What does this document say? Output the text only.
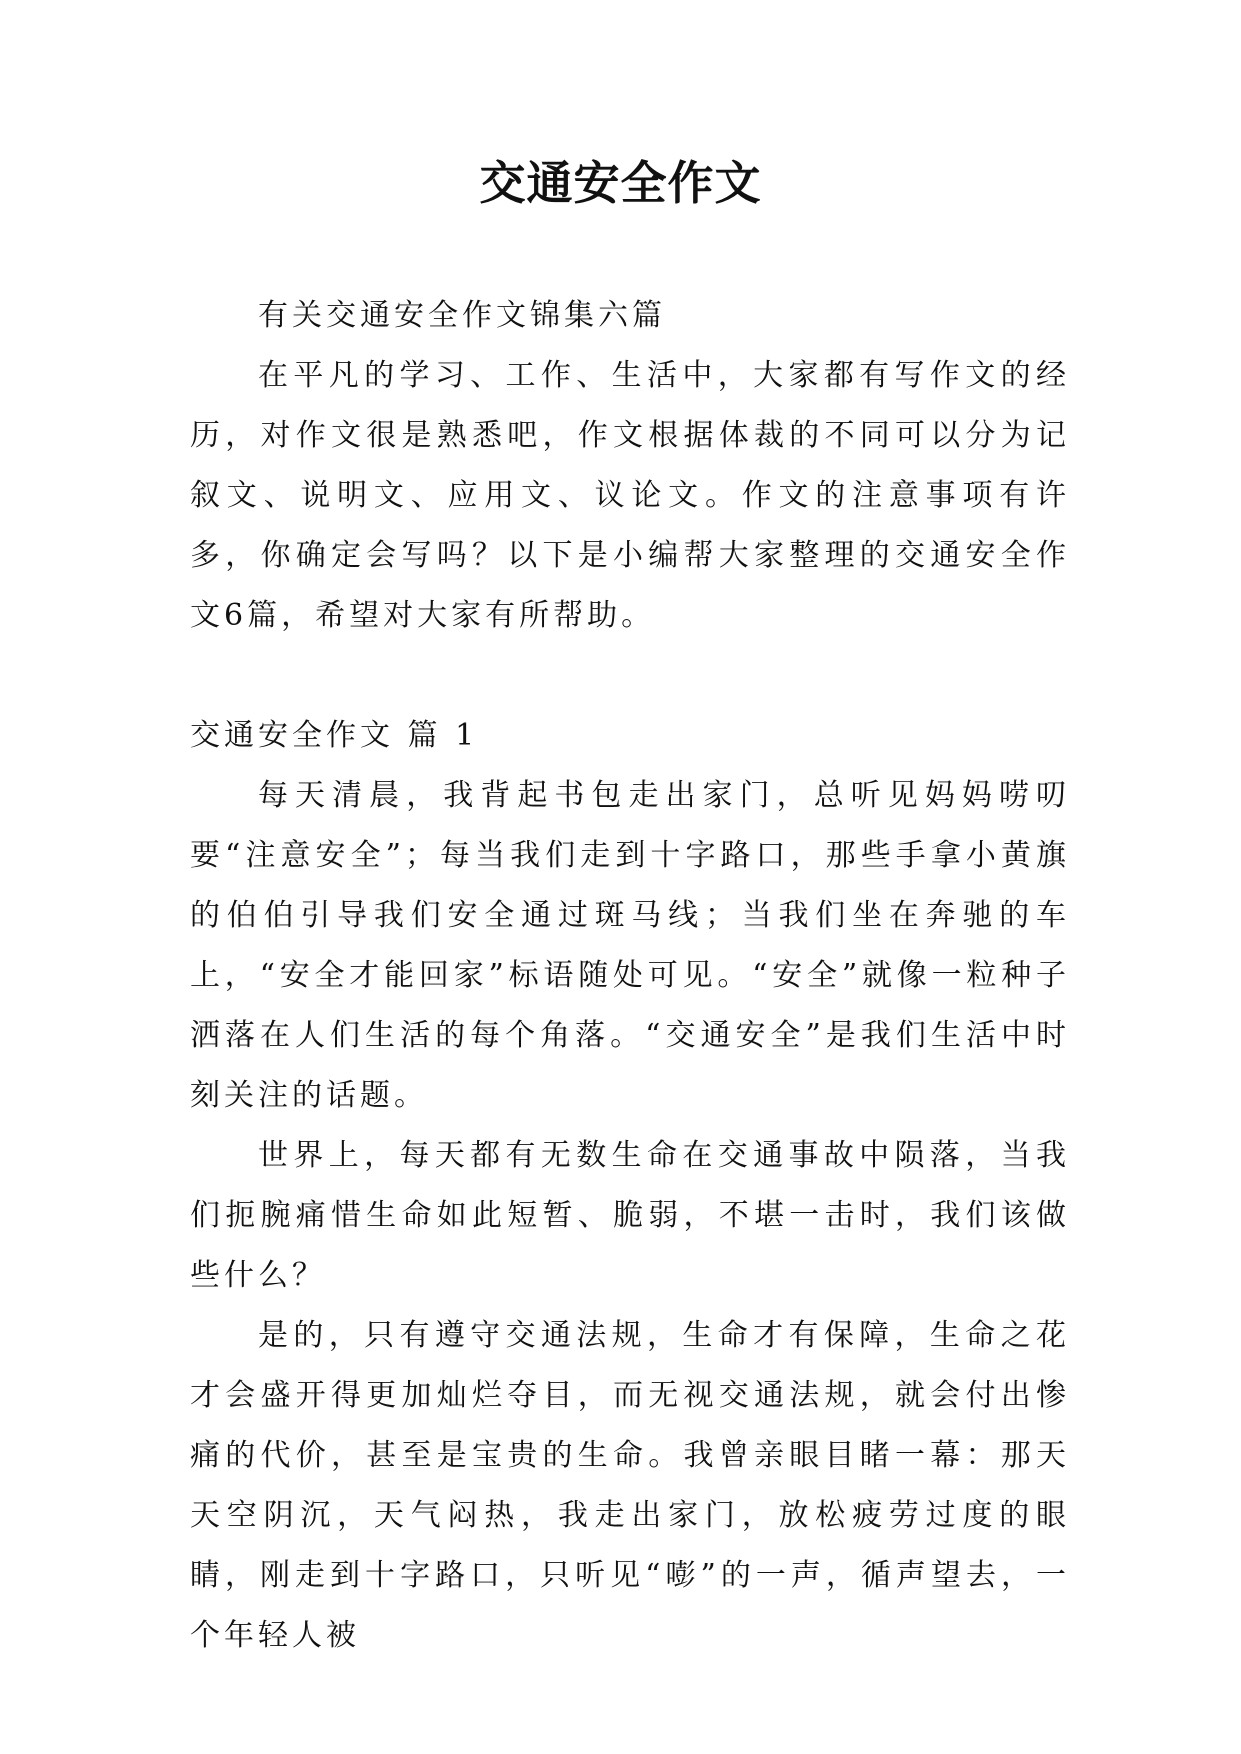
交通安全作文

有关交通安全作文锦集六篇

在平凡的学习、工作、生活中，大家都有写作文的经历，对作文很是熟悉吧，作文根据体裁的不同可以分为记叙文、说明文、应用文、议论文。作文的注意事项有许多，你确定会写吗？以下是小编帮大家整理的交通安全作文6篇，希望对大家有所帮助。

交通安全作文 篇 1

每天清晨，我背起书包走出家门，总听见妈妈唠叨要“注意安全”；每当我们走到十字路口，那些手拿小黄旗的伯伯引导我们安全通过斑马线；当我们坐在奔驰的车上，“安全才能回家”标语随处可见。“安全”就像一粒种子洒落在人们生活的每个角落。“交通安全”是我们生活中时刻关注的话题。

世界上，每天都有无数生命在交通事故中陨落，当我们扼腕痛惜生命如此短暂、脆弱，不堪一击时，我们该做些什么？

是的，只有遵守交通法规，生命才有保障，生命之花才会盛开得更加灿烂夺目，而无视交通法规，就会付出惨痛的代价，甚至是宝贵的生命。我曾亲眼目睹一幕：那天天空阴沉，天气闷热，我走出家门，放松疲劳过度的眼睛，刚走到十字路口，只听见“嘭”的一声，循声望去，一个年轻人被
